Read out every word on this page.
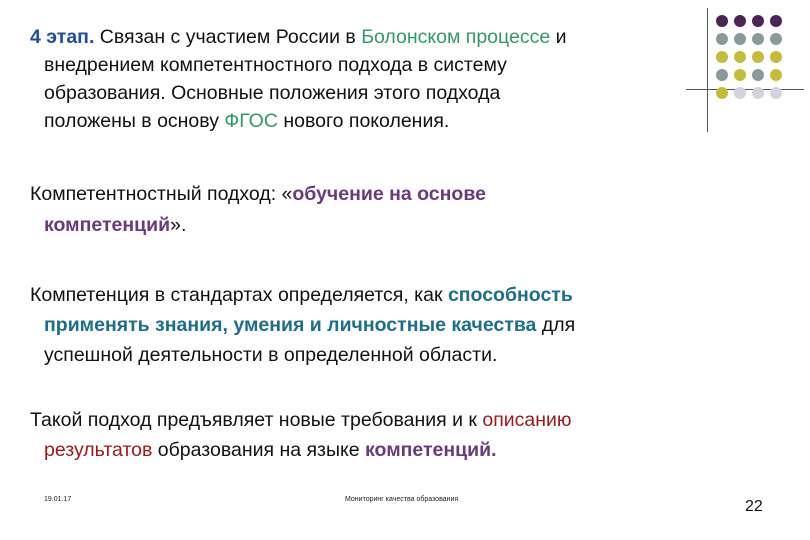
4 этап. Связан с участием России в Болонском процессе и
внедрением компетентностного подхода в систему
образования. Основные положения этого подхода
положены в основу ФГОС нового поколения.
Компетентностный подход: «обучение на основе
компетенций».
Компетенция в стандартах определяется, как способность
применять знания, умения и личностные качества для
успешной деятельности в определенной области.
Такой подход предъявляет новые требования и к описанию
результатов образования на языке компетенций.
19.01.17	Мониторинг качества образования	22
